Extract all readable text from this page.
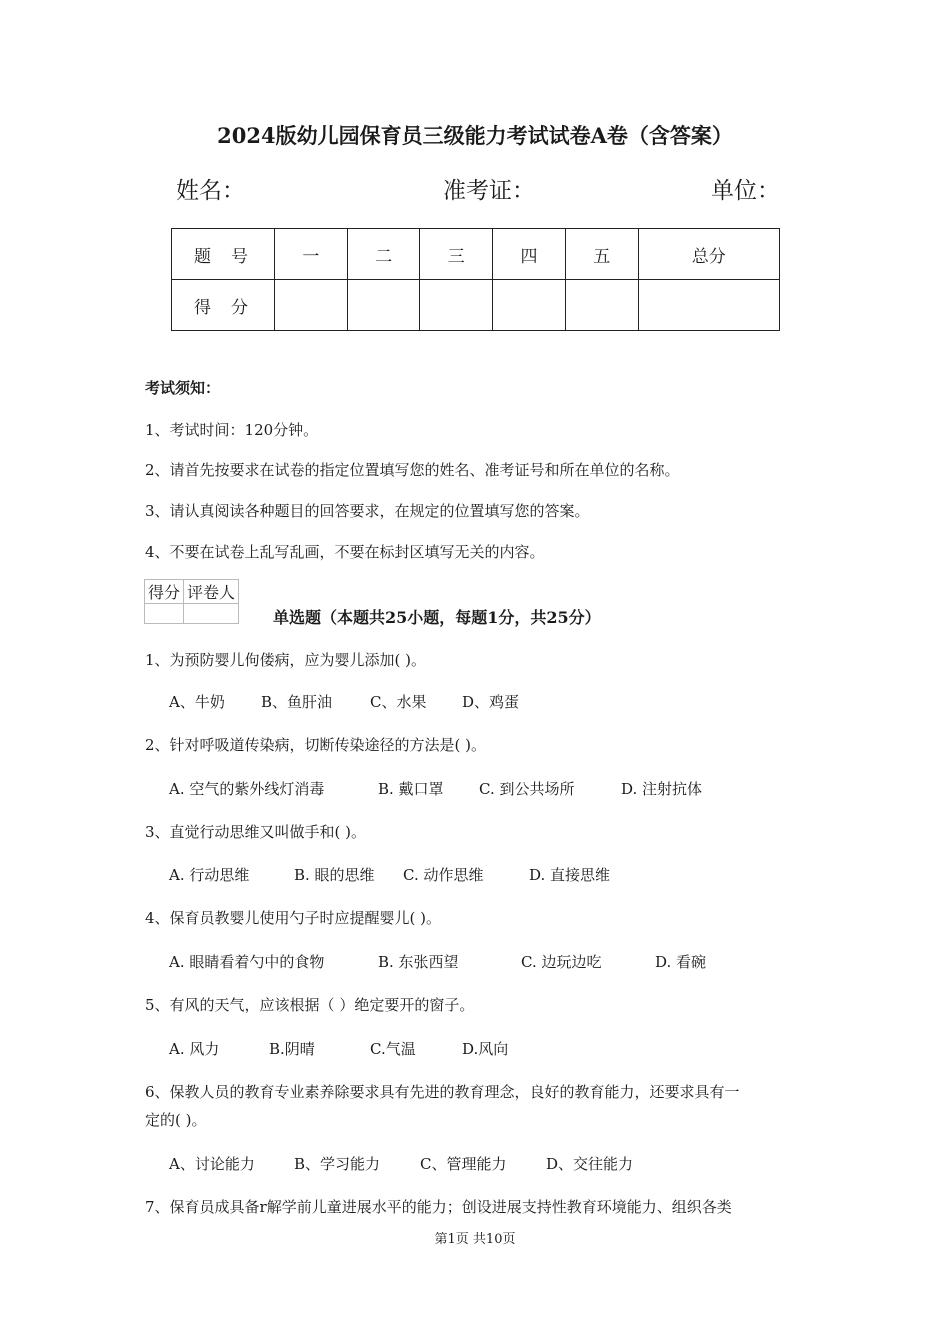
2024版幼儿园保育员三级能力考试试卷A卷（含答案）
姓名：	准考证：	单位：
题号	一	二	三	四	五	总分
得分						
考试须知：
1、考试时间：120分钟。
2、请首先按要求在试卷的指定位置填写您的姓名、准考证号和所在单位的名称。
3、请认真阅读各种题目的回答要求，在规定的位置填写您的答案。
4、不要在试卷上乱写乱画，不要在标封区填写无关的内容。
得分	评卷人

单选题（本题共25小题，每题1分，共25分）
1、为预防婴儿佝偻病，应为婴儿添加( )。
A、牛奶 B、鱼肝油	C、水果 D、鸡蛋
2、针对呼吸道传染病，切断传染途径的方法是( )。
A. 空气的紫外线灯消毒	B. 戴口罩 C. 到公共场所	D. 注射抗体
3、直觉行动思维又叫做手和( )。
A. 行动思维	B. 眼的思维 C. 动作思维	D. 直接思维
4、保育员教婴儿使用勺子时应提醒婴儿( )。
A. 眼睛看着勺中的食物	B. 东张西望	C. 边玩边吃	D. 看碗
5、有风的天气，应该根据（ ）绝定要开的窗子。
A. 风力	B.阴晴	C.气温	D.风向
6、保教人员的教育专业素养除要求具有先进的教育理念，良好的教育能力，还要求具有一
定的( )。
A、讨论能力	B、学习能力	C、管理能力	D、交往能力
7、保育员成具备r解学前儿童进展水平的能力；创设进展支持性教育环境能力、组织各类
第1页 共10页
